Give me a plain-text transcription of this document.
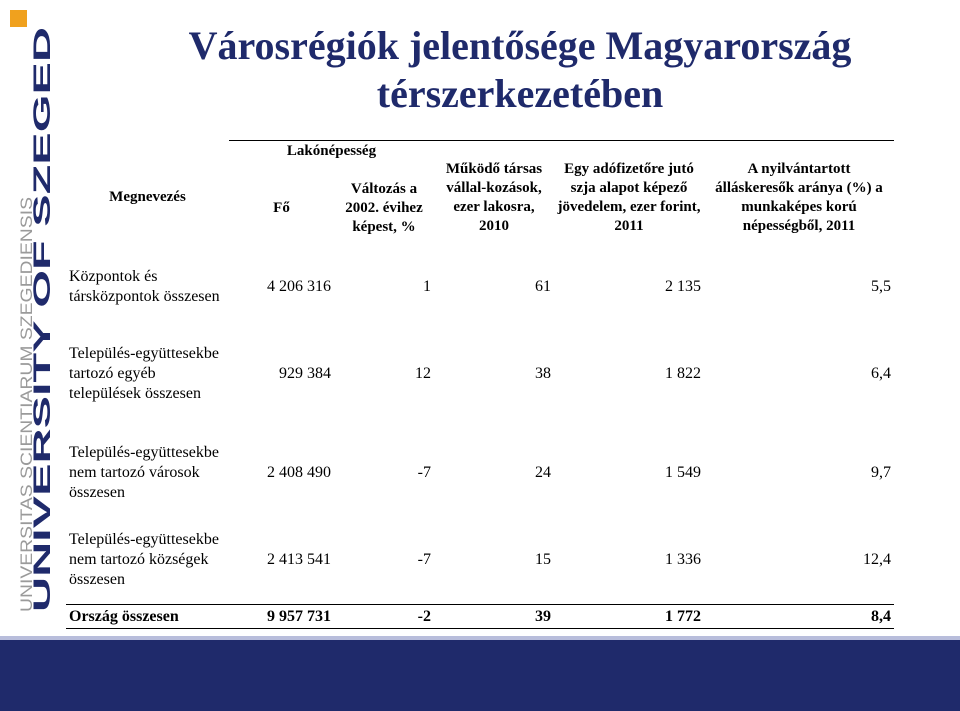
UNIVERSITY OF SZEGED
UNIVERSITAS SCIENTIARUM SZEGEDIENSIS
Városrégiók jelentősége Magyarország térszerkezetében
Megnevezés	Lakónépesség		Működő társas vállal-kozások, ezer lakosra, 2010	Egy adófizetőre jutó szja alapot képező jövedelem, ezer forint, 2011	A nyilvántartott álláskeresők aránya (%) a munkaképes korú népességből, 2011
	Fő	Változás a 2002. évihez képest, %			
Központok és társközpontok összesen	4 206 316	1	61	2 135	5,5
Település-együttesekbe tartozó egyéb települések összesen	929 384	12	38	1 822	6,4
Település-együttesekbe nem tartozó városok összesen	2 408 490	-7	24	1 549	9,7
Település-együttesekbe nem tartozó községek összesen	2 413 541	-7	15	1 336	12,4
Ország összesen	9 957 731	-2	39	1 772	8,4
